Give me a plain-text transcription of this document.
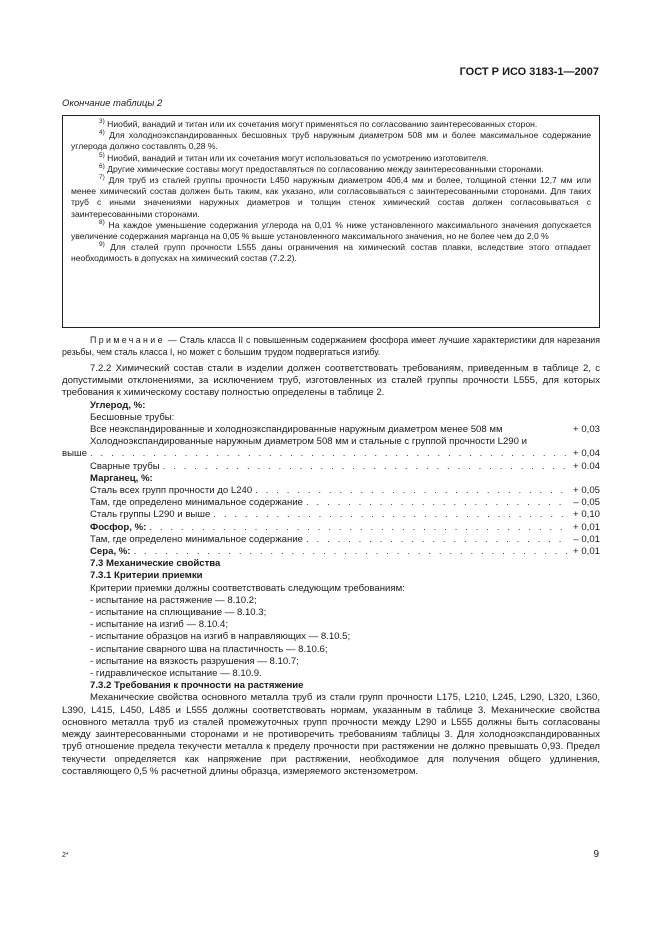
ГОСТ Р ИСО 3183-1—2007
Окончание таблицы 2

$^{3)}$ Ниобий, ванадий и титан или их сочетания могут применяться по согласованию заинтересованных сторон.

$^{4)}$ Для холодноэкспандированных бесшовных труб наружным диаметром 508 мм и более максимальное содержание углерода должно составлять 0,28 %.

$^{5)}$ Ниобий, ванадий и титан или их сочетания могут использоваться по усмотрению изготовителя.

$^{6)}$ Другие химические составы могут предоставляться по согласованию между заинтересованными сторонами.

$^{7)}$ Для труб из сталей группы прочности L450 наружным диаметром 406,4 мм и более, толщиной стенки 12,7 мм или менее химический состав должен быть таким, как указано, или согласовываться с заинтересованными сторонами. Для таких труб с иными значениями наружных диаметров и толщин стенок химический состав должен согласовываться с заинтересованными сторонами.

$^{8)}$ На каждое уменьшение содержания углерода на 0,01 % ниже установленного максимального значения допускается увеличение содержания марганца на 0,05 % выше установленного максимального значения, но не более чем до 2,0 %

$^{9)}$ Для сталей групп прочности L555 даны ограничения на химический состав плавки, вследствие этого отпадает необходимость в допусках на химический состав (7.2.2).

Примечание — Сталь класса II с повышенным содержанием фосфора имеет лучшие характеристики для нарезания резьбы, чем сталь класса I, но может с большим трудом подвергаться изгибу.

7.2.2 Химический состав стали в изделии должен соответствовать требованиям, приведенным в таблице 2, с допустимыми отклонениями, за исключением труб, изготовленных из сталей группы прочности L555, для которых требования к химическому составу полностью определены в таблице 2.

Углерод, %:

Бесшовные трубы:

Все неэкспандированные и холодноэкспандированные наружным диаметром менее 508 мм	+ 0,03

Холодноэкспандированные наружным диаметром 508 мм и стальные с группой прочности L290 и

выше . . .	+ 0,04
Сварные трубы . . .	+ 0.04

Марганец, %:

Сталь всех групп прочности до L240 . . .	+ 0,05
Там, где определено минимальное содержание . . .	– 0,05
Сталь группы L290 и выше . . .	+ 0,10
Фосфор, %: . . .	+ 0,01
Там, где определено минимальное содержание . . .	– 0,01
Сера, %: . . .	+ 0,01

7.3 Механические свойства

7.3.1 Критерии приемки

Критерии приемки должны соответствовать следующим требованиям:

- испытание на растяжение — 8.10.2;

- испытание на сплющивание — 8.10.3;

- испытание на изгиб — 8.10.4;

- испытание образцов на изгиб в направляющих — 8.10.5;

- испытание сварного шва на пластичность — 8.10.6;

- испытание на вязкость разрушения — 8.10.7;

- гидравлическое испытание — 8.10.9.

7.3.2 Требования к прочности на растяжение

Механические свойства основного металла труб из стали групп прочности L175, L210, L245, L290, L320, L360, L390, L415, L450, L485 и L555 должны соответствовать нормам, указанным в таблице 3. Механические свойства основного металла труб из сталей промежуточных групп прочности между L290 и L555 должны быть согласованы между заинтересованными сторонами и не противоречить требованиям таблицы 3. Для холодноэкспандированных труб отношение предела текучести металла к пределу прочности при растяжении не должно превышать 0,93. Предел текучести определяется как напряжение при растяжении, необходимое для получения общего удлинения, составляющего 0,5 % расчетной длины образца, измеряемого экстензометром.

2*	9
